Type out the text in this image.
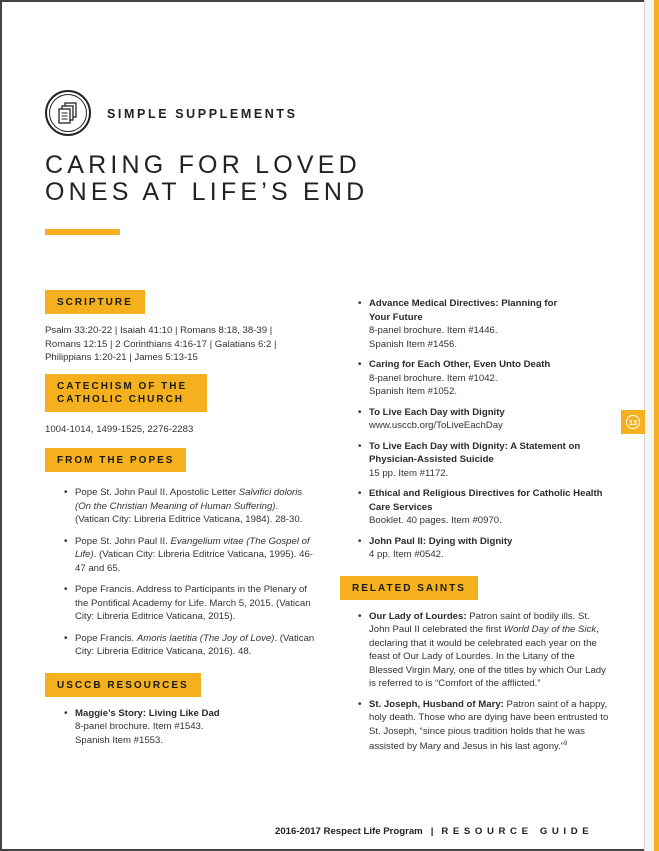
SIMPLE SUPPLEMENTS
CARING FOR LOVED
ONES AT LIFE’S END
SCRIPTURE
Psalm 33:20-22 | Isaiah 41:10 | Romans 8:18, 38-39 |
Romans 12:15 | 2 Corinthians 4:16-17 | Galatians 6:2 |
Philippians 1:20-21 | James 5:13-15
CATECHISM OF THE
CATHOLIC CHURCH
1004-1014, 1499-1525, 2276-2283
FROM THE POPES
• Pope St. John Paul II. Apostolic Letter Salvifici doloris (On the Christian Meaning of Human Suffering). (Vatican City: Libreria Editrice Vaticana, 1984). 28-30.
• Pope St. John Paul II. Evangelium vitae (The Gospel of Life). (Vatican City: Libreria Editrice Vaticana, 1995). 46-47 and 65.
• Pope Francis. Address to Participants in the Plenary of the Pontifical Academy for Life. March 5, 2015. (Vatican City: Libreria Editrice Vaticana, 2015).
• Pope Francis. Amoris laetitia (The Joy of Love). (Vatican City: Libreria Editrice Vaticana, 2016). 48.
USCCB RESOURCES
• Maggie’s Story: Living Like Dad
8-panel brochure. Item #1543.
Spanish Item #1553.
• Advance Medical Directives: Planning for Your Future
8-panel brochure. Item #1446.
Spanish Item #1456.
• Caring for Each Other, Even Unto Death
8-panel brochure. Item #1042.
Spanish Item #1052.
• To Live Each Day with Dignity
www.usccb.org/ToLiveEachDay
• To Live Each Day with Dignity: A Statement on Physician-Assisted Suicide
15 pp. Item #1172.
• Ethical and Religious Directives for Catholic Health Care Services
Booklet. 40 pages. Item #0970.
• John Paul II: Dying with Dignity
4 pp. Item #0542.
RELATED SAINTS
• Our Lady of Lourdes: Patron saint of bodily ills. St. John Paul II celebrated the first World Day of the Sick, declaring that it would be celebrated each year on the feast of Our Lady of Lourdes. In the Litany of the Blessed Virgin Mary, one of the titles by which Our Lady is referred to is “Comfort of the afflicted.”
• St. Joseph, Husband of Mary: Patron saint of a happy, holy death. Those who are dying have been entrusted to St. Joseph, “since pious tradition holds that he was assisted by Mary and Jesus in his last agony.”$^9$
13
2016-2017 Respect Life Program | RESOURCE GUIDE
